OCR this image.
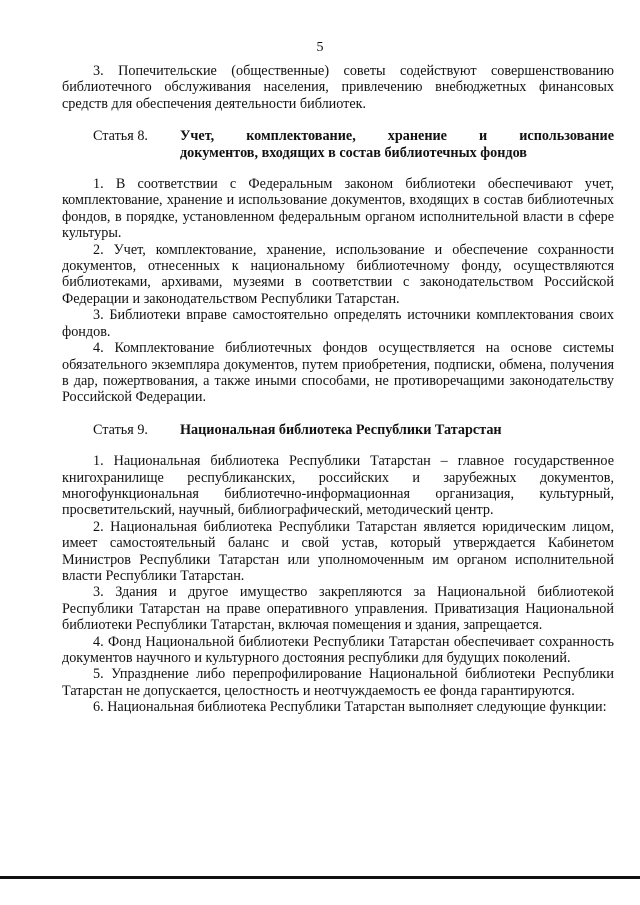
5

3. Попечительские (общественные) советы содействуют совершенствованию библиотечного обслуживания населения, привлечению внебюджетных финансовых средств для обеспечения деятельности библиотек.

Статья 8.	Учет, комплектование, хранение и использование
документов, входящих в состав библиотечных фондов

1. В соответствии с Федеральным законом библиотеки обеспечивают учет, комплектование, хранение и использование документов, входящих в состав библиотечных фондов, в порядке, установленном федеральным органом исполнительной власти в сфере культуры.

2. Учет, комплектование, хранение, использование и обеспечение сохранности документов, отнесенных к национальному библиотечному фонду, осуществляются библиотеками, архивами, музеями в соответствии с законодательством Российской Федерации и законодательством Республики Татарстан.

3. Библиотеки вправе самостоятельно определять источники комплектования своих фондов.

4. Комплектование библиотечных фондов осуществляется на основе системы обязательного экземпляра документов, путем приобретения, подписки, обмена, получения в дар, пожертвования, а также иными способами, не противоречащими законодательству Российской Федерации.

Статья 9.	Национальная библиотека Республики Татарстан

1. Национальная библиотека Республики Татарстан – главное государственное книгохранилище республиканских, российских и зарубежных документов, многофункциональная библиотечно-информационная организация, культурный, просветительский, научный, библиографический, методический центр.

2. Национальная библиотека Республики Татарстан является юридическим лицом, имеет самостоятельный баланс и свой устав, который утверждается Кабинетом Министров Республики Татарстан или уполномоченным им органом исполнительной власти Республики Татарстан.

3. Здания и другое имущество закрепляются за Национальной библиотекой Республики Татарстан на праве оперативного управления. Приватизация Национальной библиотеки Республики Татарстан, включая помещения и здания, запрещается.

4. Фонд Национальной библиотеки Республики Татарстан обеспечивает сохранность документов научного и культурного достояния республики для будущих поколений.

5. Упразднение либо перепрофилирование Национальной библиотеки Республики Татарстан не допускается, целостность и неотчуждаемость ее фонда гарантируются.

6. Национальная библиотека Республики Татарстан выполняет следующие функции:
